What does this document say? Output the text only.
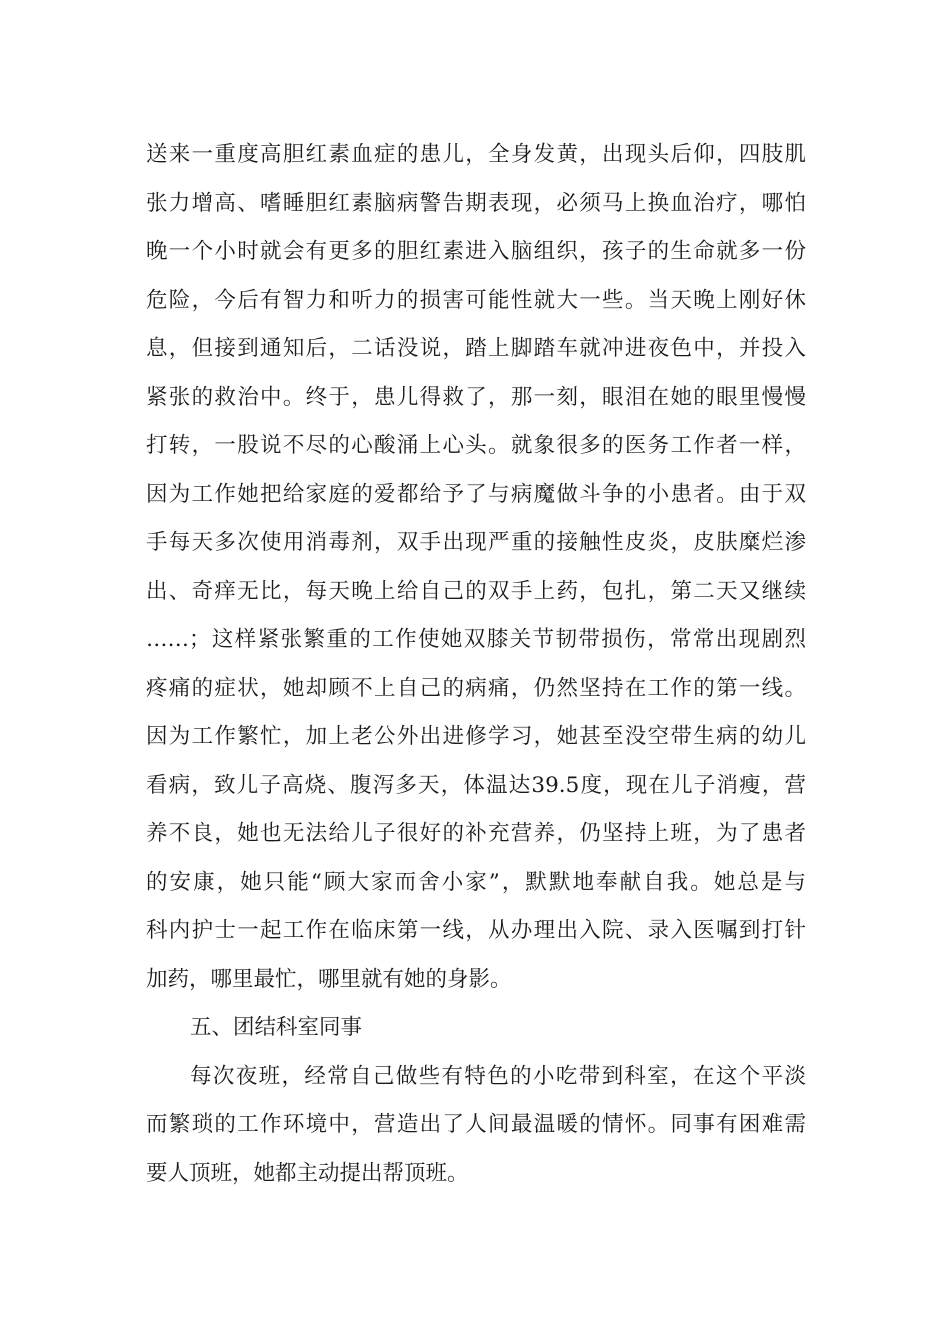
送来一重度高胆红素血症的患儿，全身发黄，出现头后仰，四肢肌
张力增高、嗜睡胆红素脑病警告期表现，必须马上换血治疗，哪怕
晚一个小时就会有更多的胆红素进入脑组织，孩子的生命就多一份
危险，今后有智力和听力的损害可能性就大一些。当天晚上刚好休
息，但接到通知后，二话没说，踏上脚踏车就冲进夜色中，并投入
紧张的救治中。终于，患儿得救了，那一刻，眼泪在她的眼里慢慢
打转，一股说不尽的心酸涌上心头。就象很多的医务工作者一样，
因为工作她把给家庭的爱都给予了与病魔做斗争的小患者。由于双
手每天多次使用消毒剂，双手出现严重的接触性皮炎，皮肤糜烂渗
出、奇痒无比，每天晚上给自己的双手上药，包扎，第二天又继续
……；这样紧张繁重的工作使她双膝关节韧带损伤，常常出现剧烈
疼痛的症状，她却顾不上自己的病痛，仍然坚持在工作的第一线。
因为工作繁忙，加上老公外出进修学习，她甚至没空带生病的幼儿
看病，致儿子高烧、腹泻多天，体温达39.5度，现在儿子消瘦，营
养不良，她也无法给儿子很好的补充营养，仍坚持上班，为了患者
的安康，她只能“顾大家而舍小家”，默默地奉献自我。她总是与
科内护士一起工作在临床第一线，从办理出入院、录入医嘱到打针
加药，哪里最忙，哪里就有她的身影。
五、团结科室同事
每次夜班，经常自己做些有特色的小吃带到科室，在这个平淡
而繁琐的工作环境中，营造出了人间最温暖的情怀。同事有困难需
要人顶班，她都主动提出帮顶班。
